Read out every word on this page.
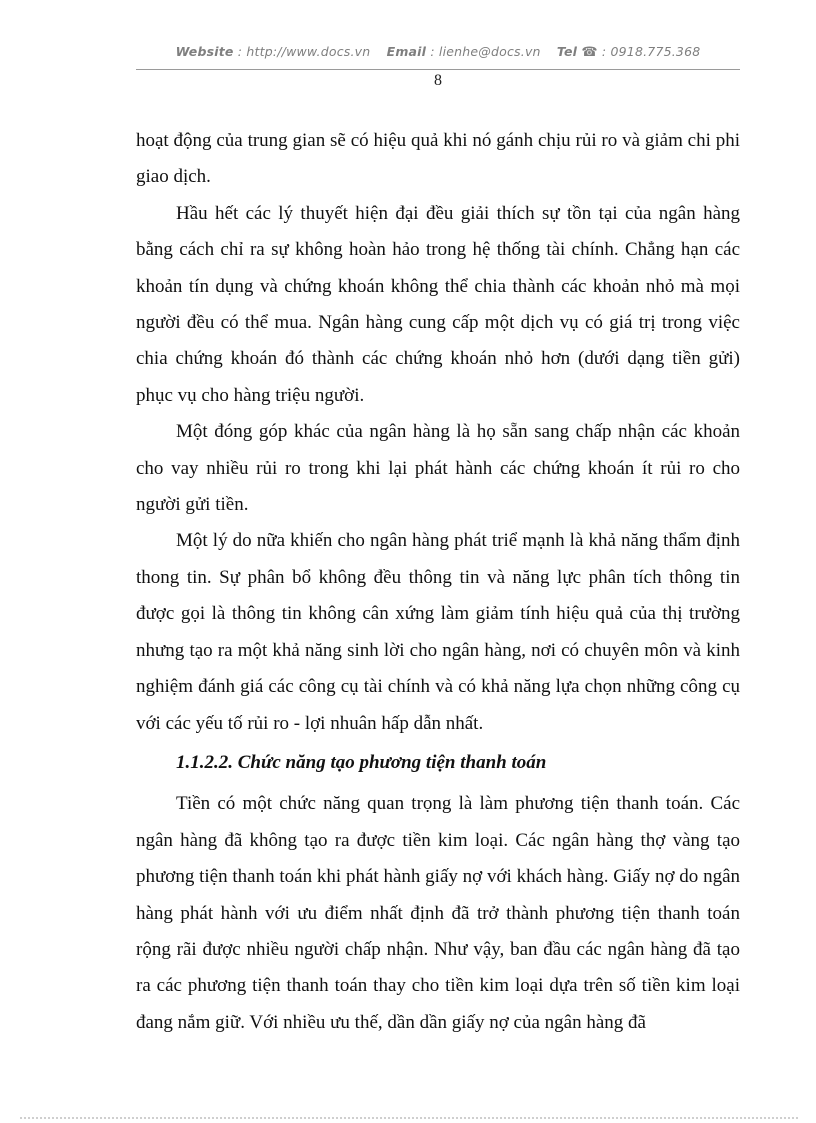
Website : http://www.docs.vn Email : lienhe@docs.vn Tel ☎ : 0918.775.368
8

hoạt động của trung gian sẽ có hiệu quả khi nó gánh chịu rủi ro và giảm chi phi giao dịch.

Hầu hết các lý thuyết hiện đại đều giải thích sự tồn tại của ngân hàng bằng cách chỉ ra sự không hoàn hảo trong hệ thống tài chính. Chẳng hạn các khoản tín dụng và chứng khoán không thể chia thành các khoản nhỏ mà mọi người đều có thể mua. Ngân hàng cung cấp một dịch vụ có giá trị trong việc chia chứng khoán đó thành các chứng khoán nhỏ hơn (dưới dạng tiền gửi) phục vụ cho hàng triệu người.

Một đóng góp khác của ngân hàng là họ sẵn sang chấp nhận các khoản cho vay nhiều rủi ro trong khi lại phát hành các chứng khoán ít rủi ro cho người gửi tiền.

Một lý do nữa khiến cho ngân hàng phát triể mạnh là khả năng thẩm định thong tin. Sự phân bổ không đều thông tin và năng lực phân tích thông tin được gọi là thông tin không cân xứng làm giảm tính hiệu quả của thị trường nhưng tạo ra một khả năng sinh lời cho ngân hàng, nơi có chuyên môn và kinh nghiệm đánh giá các công cụ tài chính và có khả năng lựa chọn những công cụ với các yếu tố rủi ro - lợi nhuân hấp dẫn nhất.

1.1.2.2. Chức năng tạo phương tiện thanh toán

Tiền có một chức năng quan trọng là làm phương tiện thanh toán. Các ngân hàng đã không tạo ra được tiền kim loại. Các ngân hàng thợ vàng tạo phương tiện thanh toán khi phát hành giấy nợ với khách hàng. Giấy nợ do ngân hàng phát hành với ưu điểm nhất định đã trở thành phương tiện thanh toán rộng rãi được nhiều người chấp nhận. Như vậy, ban đầu các ngân hàng đã tạo ra các phương tiện thanh toán thay cho tiền kim loại dựa trên số tiền kim loại đang nắm giữ. Với nhiều ưu thế, dần dần giấy nợ của ngân hàng đã
